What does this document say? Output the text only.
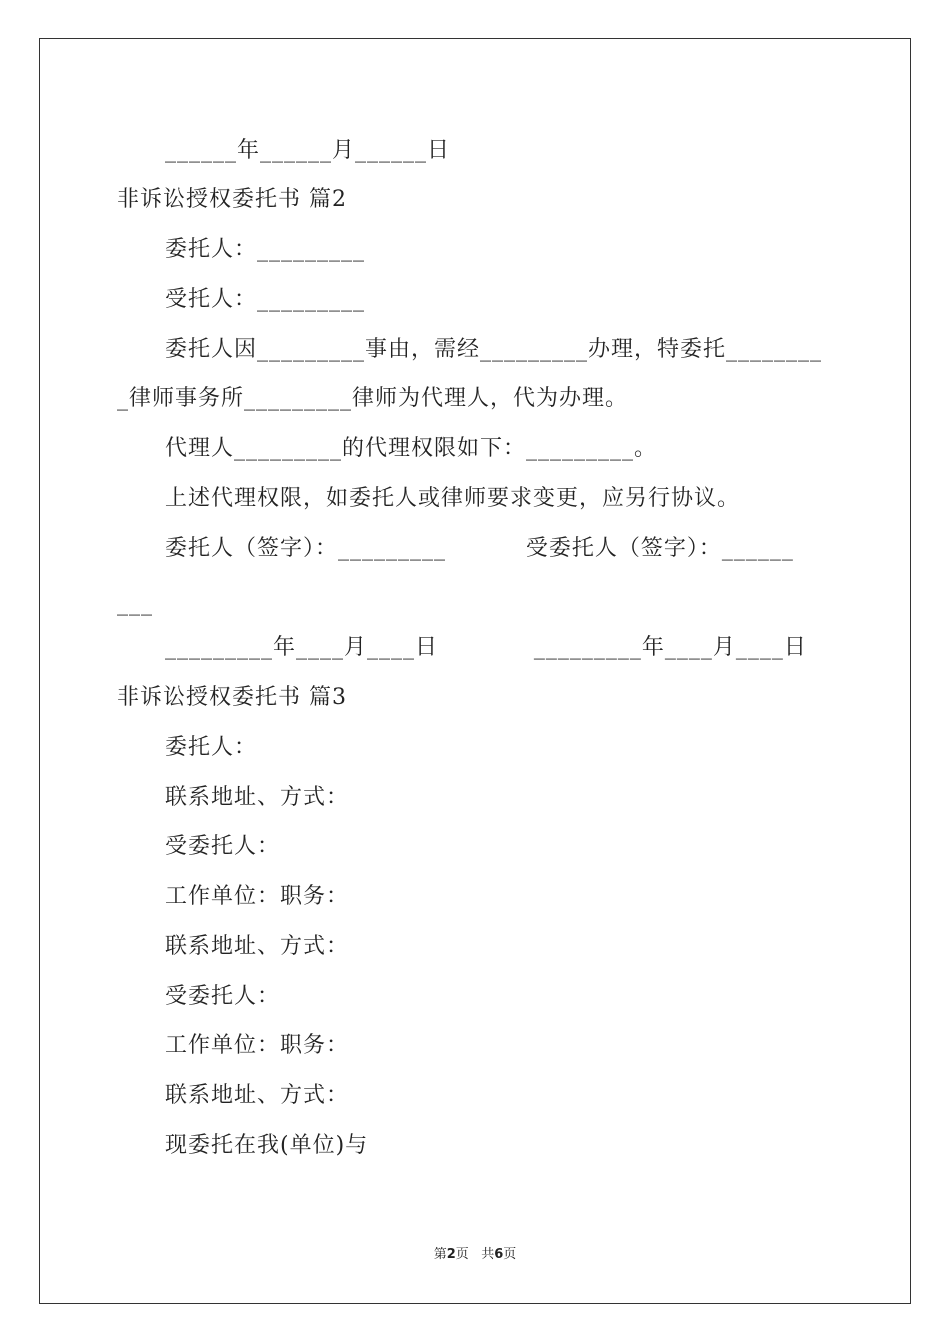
______年______月______日
非诉讼授权委托书 篇2
委托人：_________
受托人：_________
委托人因_________事由，需经_________办理，特委托________
_律师事务所_________律师为代理人，代为办理。
代理人_________的代理权限如下：_________。
上述代理权限，如委托人或律师要求变更，应另行协议。
委托人（签字）：_________          受委托人（签字）：______
___
_________年____月____日            _________年____月____日
非诉讼授权委托书 篇3
委托人：
联系地址、方式：
受委托人：
工作单位：职务：
联系地址、方式：
受委托人：
工作单位：职务：
联系地址、方式：
现委托在我(单位)与
第2页   共6页
